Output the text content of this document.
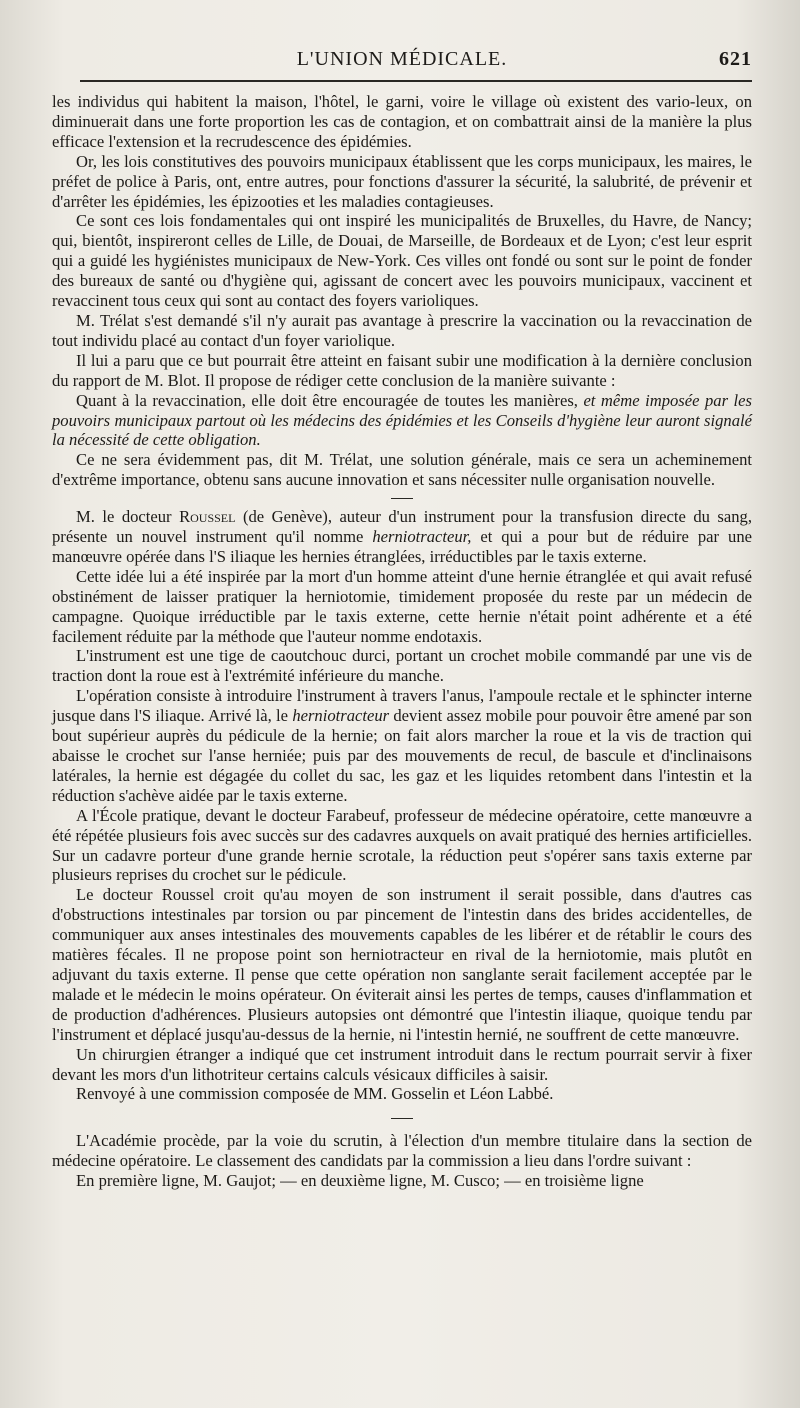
L'UNION MÉDICALE.	621

les individus qui habitent la maison, l'hôtel, le garni, voire le village où existent des vario-leux, on diminuerait dans une forte proportion les cas de contagion, et on combattrait ainsi de la manière la plus efficace l'extension et la recrudescence des épidémies.

Or, les lois constitutives des pouvoirs municipaux établissent que les corps municipaux, les maires, le préfet de police à Paris, ont, entre autres, pour fonctions d'assurer la sécurité, la salubrité, de prévenir et d'arrêter les épidémies, les épizooties et les maladies contagieuses.

Ce sont ces lois fondamentales qui ont inspiré les municipalités de Bruxelles, du Havre, de Nancy; qui, bientôt, inspireront celles de Lille, de Douai, de Marseille, de Bordeaux et de Lyon; c'est leur esprit qui a guidé les hygiénistes municipaux de New-York. Ces villes ont fondé ou sont sur le point de fonder des bureaux de santé ou d'hygiène qui, agissant de concert avec les pouvoirs municipaux, vaccinent et revaccinent tous ceux qui sont au contact des foyers varioliques.

M. Trélat s'est demandé s'il n'y aurait pas avantage à prescrire la vaccination ou la revaccination de tout individu placé au contact d'un foyer variolique.

Il lui a paru que ce but pourrait être atteint en faisant subir une modification à la dernière conclusion du rapport de M. Blot. Il propose de rédiger cette conclusion de la manière suivante :

Quant à la revaccination, elle doit être encouragée de toutes les manières, et même imposée par les pouvoirs municipaux partout où les médecins des épidémies et les Conseils d'hygiène leur auront signalé la nécessité de cette obligation.

Ce ne sera évidemment pas, dit M. Trélat, une solution générale, mais ce sera un acheminement d'extrême importance, obtenu sans aucune innovation et sans nécessiter nulle organisation nouvelle.

M. le docteur Roussel (de Genève), auteur d'un instrument pour la transfusion directe du sang, présente un nouvel instrument qu'il nomme herniotracteur, et qui a pour but de réduire par une manœuvre opérée dans l'S iliaque les hernies étranglées, irréductibles par le taxis externe.

Cette idée lui a été inspirée par la mort d'un homme atteint d'une hernie étranglée et qui avait refusé obstinément de laisser pratiquer la herniotomie, timidement proposée du reste par un médecin de campagne. Quoique irréductible par le taxis externe, cette hernie n'était point adhérente et a été facilement réduite par la méthode que l'auteur nomme endotaxis.

L'instrument est une tige de caoutchouc durci, portant un crochet mobile commandé par une vis de traction dont la roue est à l'extrémité inférieure du manche.

L'opération consiste à introduire l'instrument à travers l'anus, l'ampoule rectale et le sphincter interne jusque dans l'S iliaque. Arrivé là, le herniotracteur devient assez mobile pour pouvoir être amené par son bout supérieur auprès du pédicule de la hernie; on fait alors marcher la roue et la vis de traction qui abaisse le crochet sur l'anse herniée; puis par des mouvements de recul, de bascule et d'inclinaisons latérales, la hernie est dégagée du collet du sac, les gaz et les liquides retombent dans l'intestin et la réduction s'achève aidée par le taxis externe.

A l'École pratique, devant le docteur Farabeuf, professeur de médecine opératoire, cette manœuvre a été répétée plusieurs fois avec succès sur des cadavres auxquels on avait pratiqué des hernies artificielles. Sur un cadavre porteur d'une grande hernie scrotale, la réduction peut s'opérer sans taxis externe par plusieurs reprises du crochet sur le pédicule.

Le docteur Roussel croit qu'au moyen de son instrument il serait possible, dans d'autres cas d'obstructions intestinales par torsion ou par pincement de l'intestin dans des brides accidentelles, de communiquer aux anses intestinales des mouvements capables de les libérer et de rétablir le cours des matières fécales. Il ne propose point son herniotracteur en rival de la herniotomie, mais plutôt en adjuvant du taxis externe. Il pense que cette opération non sanglante serait facilement acceptée par le malade et le médecin le moins opérateur. On éviterait ainsi les pertes de temps, causes d'inflammation et de production d'adhérences. Plusieurs autopsies ont démontré que l'intestin iliaque, quoique tendu par l'instrument et déplacé jusqu'au-dessus de la hernie, ni l'intestin hernié, ne souffrent de cette manœuvre.

Un chirurgien étranger a indiqué que cet instrument introduit dans le rectum pourrait servir à fixer devant les mors d'un lithotriteur certains calculs vésicaux difficiles à saisir.

Renvoyé à une commission composée de MM. Gosselin et Léon Labbé.

L'Académie procède, par la voie du scrutin, à l'élection d'un membre titulaire dans la section de médecine opératoire. Le classement des candidats par la commission a lieu dans l'ordre suivant :

En première ligne, M. Gaujot; — en deuxième ligne, M. Cusco; — en troisième ligne
